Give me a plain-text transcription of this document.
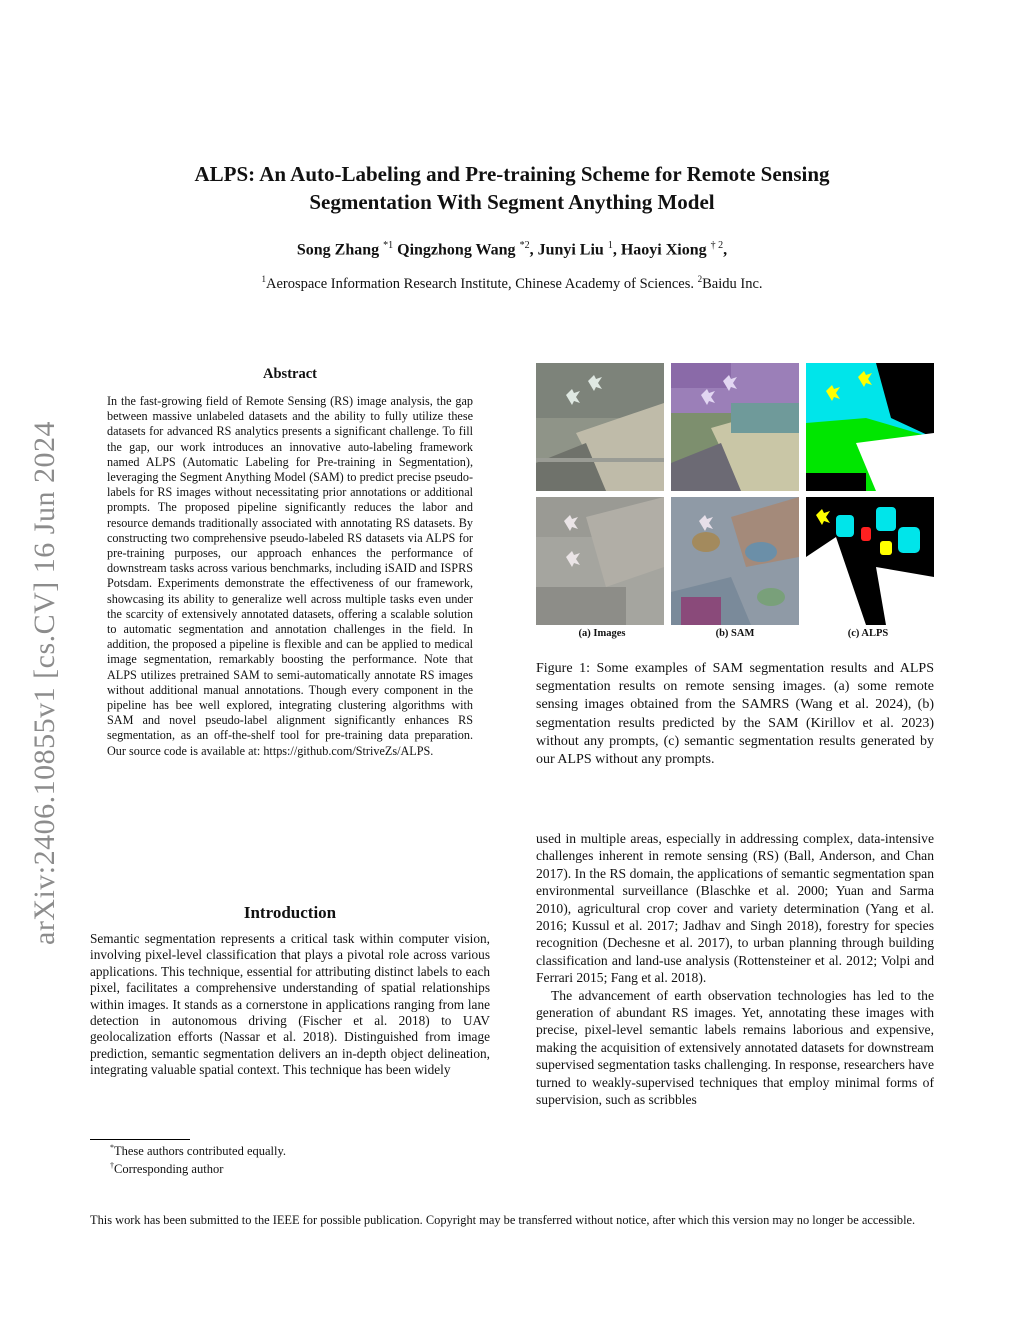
ALPS: An Auto-Labeling and Pre-training Scheme for Remote Sensing
Segmentation With Segment Anything Model
Song Zhang $^{*1}$ Qingzhong Wang $^{*2}$, Junyi Liu $^1$, Haoyi Xiong $^{\dagger 2}$,
$^1$Aerospace Information Research Institute, Chinese Academy of Sciences. $^2$Baidu Inc.
arXiv:2406.10855v1 [cs.CV] 16 Jun 2024
Abstract
In the fast-growing field of Remote Sensing (RS) image analysis, the gap between massive unlabeled datasets and the ability to fully utilize these datasets for advanced RS analytics presents a significant challenge. To fill the gap, our work introduces an innovative auto-labeling framework named ALPS (Automatic Labeling for Pre-training in Segmentation), leveraging the Segment Anything Model (SAM) to predict precise pseudo-labels for RS images without necessitating prior annotations or additional prompts. The proposed pipeline significantly reduces the labor and resource demands traditionally associated with annotating RS datasets. By constructing two comprehensive pseudo-labeled RS datasets via ALPS for pre-training purposes, our approach enhances the performance of downstream tasks across various benchmarks, including iSAID and ISPRS Potsdam. Experiments demonstrate the effectiveness of our framework, showcasing its ability to generalize well across multiple tasks even under the scarcity of extensively annotated datasets, offering a scalable solution to automatic segmentation and annotation challenges in the field. In addition, the proposed a pipeline is flexible and can be applied to medical image segmentation, remarkably boosting the performance. Note that ALPS utilizes pretrained SAM to semi-automatically annotate RS images without additional manual annotations. Though every component in the pipeline has bee well explored, integrating clustering algorithms with SAM and novel pseudo-label alignment significantly enhances RS segmentation, as an off-the-shelf tool for pre-training data preparation. Our source code is available at: https://github.com/StriveZs/ALPS.
Introduction
Semantic segmentation represents a critical task within computer vision, involving pixel-level classification that plays a pivotal role across various applications. This technique, essential for attributing distinct labels to each pixel, facilitates a comprehensive understanding of spatial relationships within images. It stands as a cornerstone in applications ranging from lane detection in autonomous driving (Fischer et al. 2018) to UAV geolocalization efforts (Nassar et al. 2018). Distinguished from image prediction, semantic segmentation delivers an in-depth object delineation, integrating valuable spatial context. This technique has been widely
*These authors contributed equally.
†Corresponding author
(a) Images	(b) SAM	(c) ALPS
Figure 1: Some examples of SAM segmentation results and ALPS segmentation results on remote sensing images. (a) some remote sensing images obtained from the SAMRS (Wang et al. 2024), (b) segmentation results predicted by the SAM (Kirillov et al. 2023) without any prompts, (c) semantic segmentation results generated by our ALPS without any prompts.

used in multiple areas, especially in addressing complex, data-intensive challenges inherent in remote sensing (RS) (Ball, Anderson, and Chan 2017). In the RS domain, the applications of semantic segmentation span environmental surveillance (Blaschke et al. 2000; Yuan and Sarma 2010), agricultural crop cover and variety determination (Yang et al. 2016; Kussul et al. 2017; Jadhav and Singh 2018), forestry for species recognition (Dechesne et al. 2017), to urban planning through building classification and land-use analysis (Rottensteiner et al. 2012; Volpi and Ferrari 2015; Fang et al. 2018).

The advancement of earth observation technologies has led to the generation of abundant RS images. Yet, annotating these images with precise, pixel-level semantic labels remains laborious and expensive, making the acquisition of extensively annotated datasets for downstream supervised segmentation tasks challenging. In response, researchers have turned to weakly-supervised techniques that employ minimal forms of supervision, such as scribbles

This work has been submitted to the IEEE for possible publication. Copyright may be transferred without notice, after which this version may no longer be accessible.
